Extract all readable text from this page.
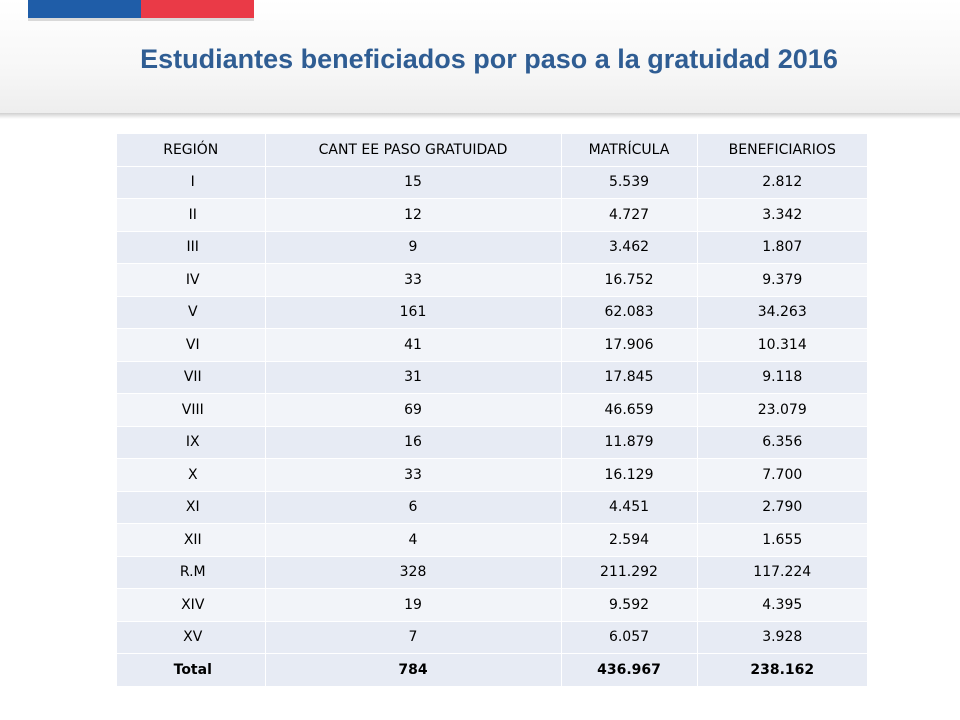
Estudiantes beneficiados por paso a la gratuidad 2016
REGIÓN	CANT EE PASO GRATUIDAD	MATRÍCULA	BENEFICIARIOS
I	15	5.539	2.812
II	12	4.727	3.342
III	9	3.462	1.807
IV	33	16.752	9.379
V	161	62.083	34.263
VI	41	17.906	10.314
VII	31	17.845	9.118
VIII	69	46.659	23.079
IX	16	11.879	6.356
X	33	16.129	7.700
XI	6	4.451	2.790
XII	4	2.594	1.655
R.M	328	211.292	117.224
XIV	19	9.592	4.395
XV	7	6.057	3.928
Total	784	436.967	238.162
